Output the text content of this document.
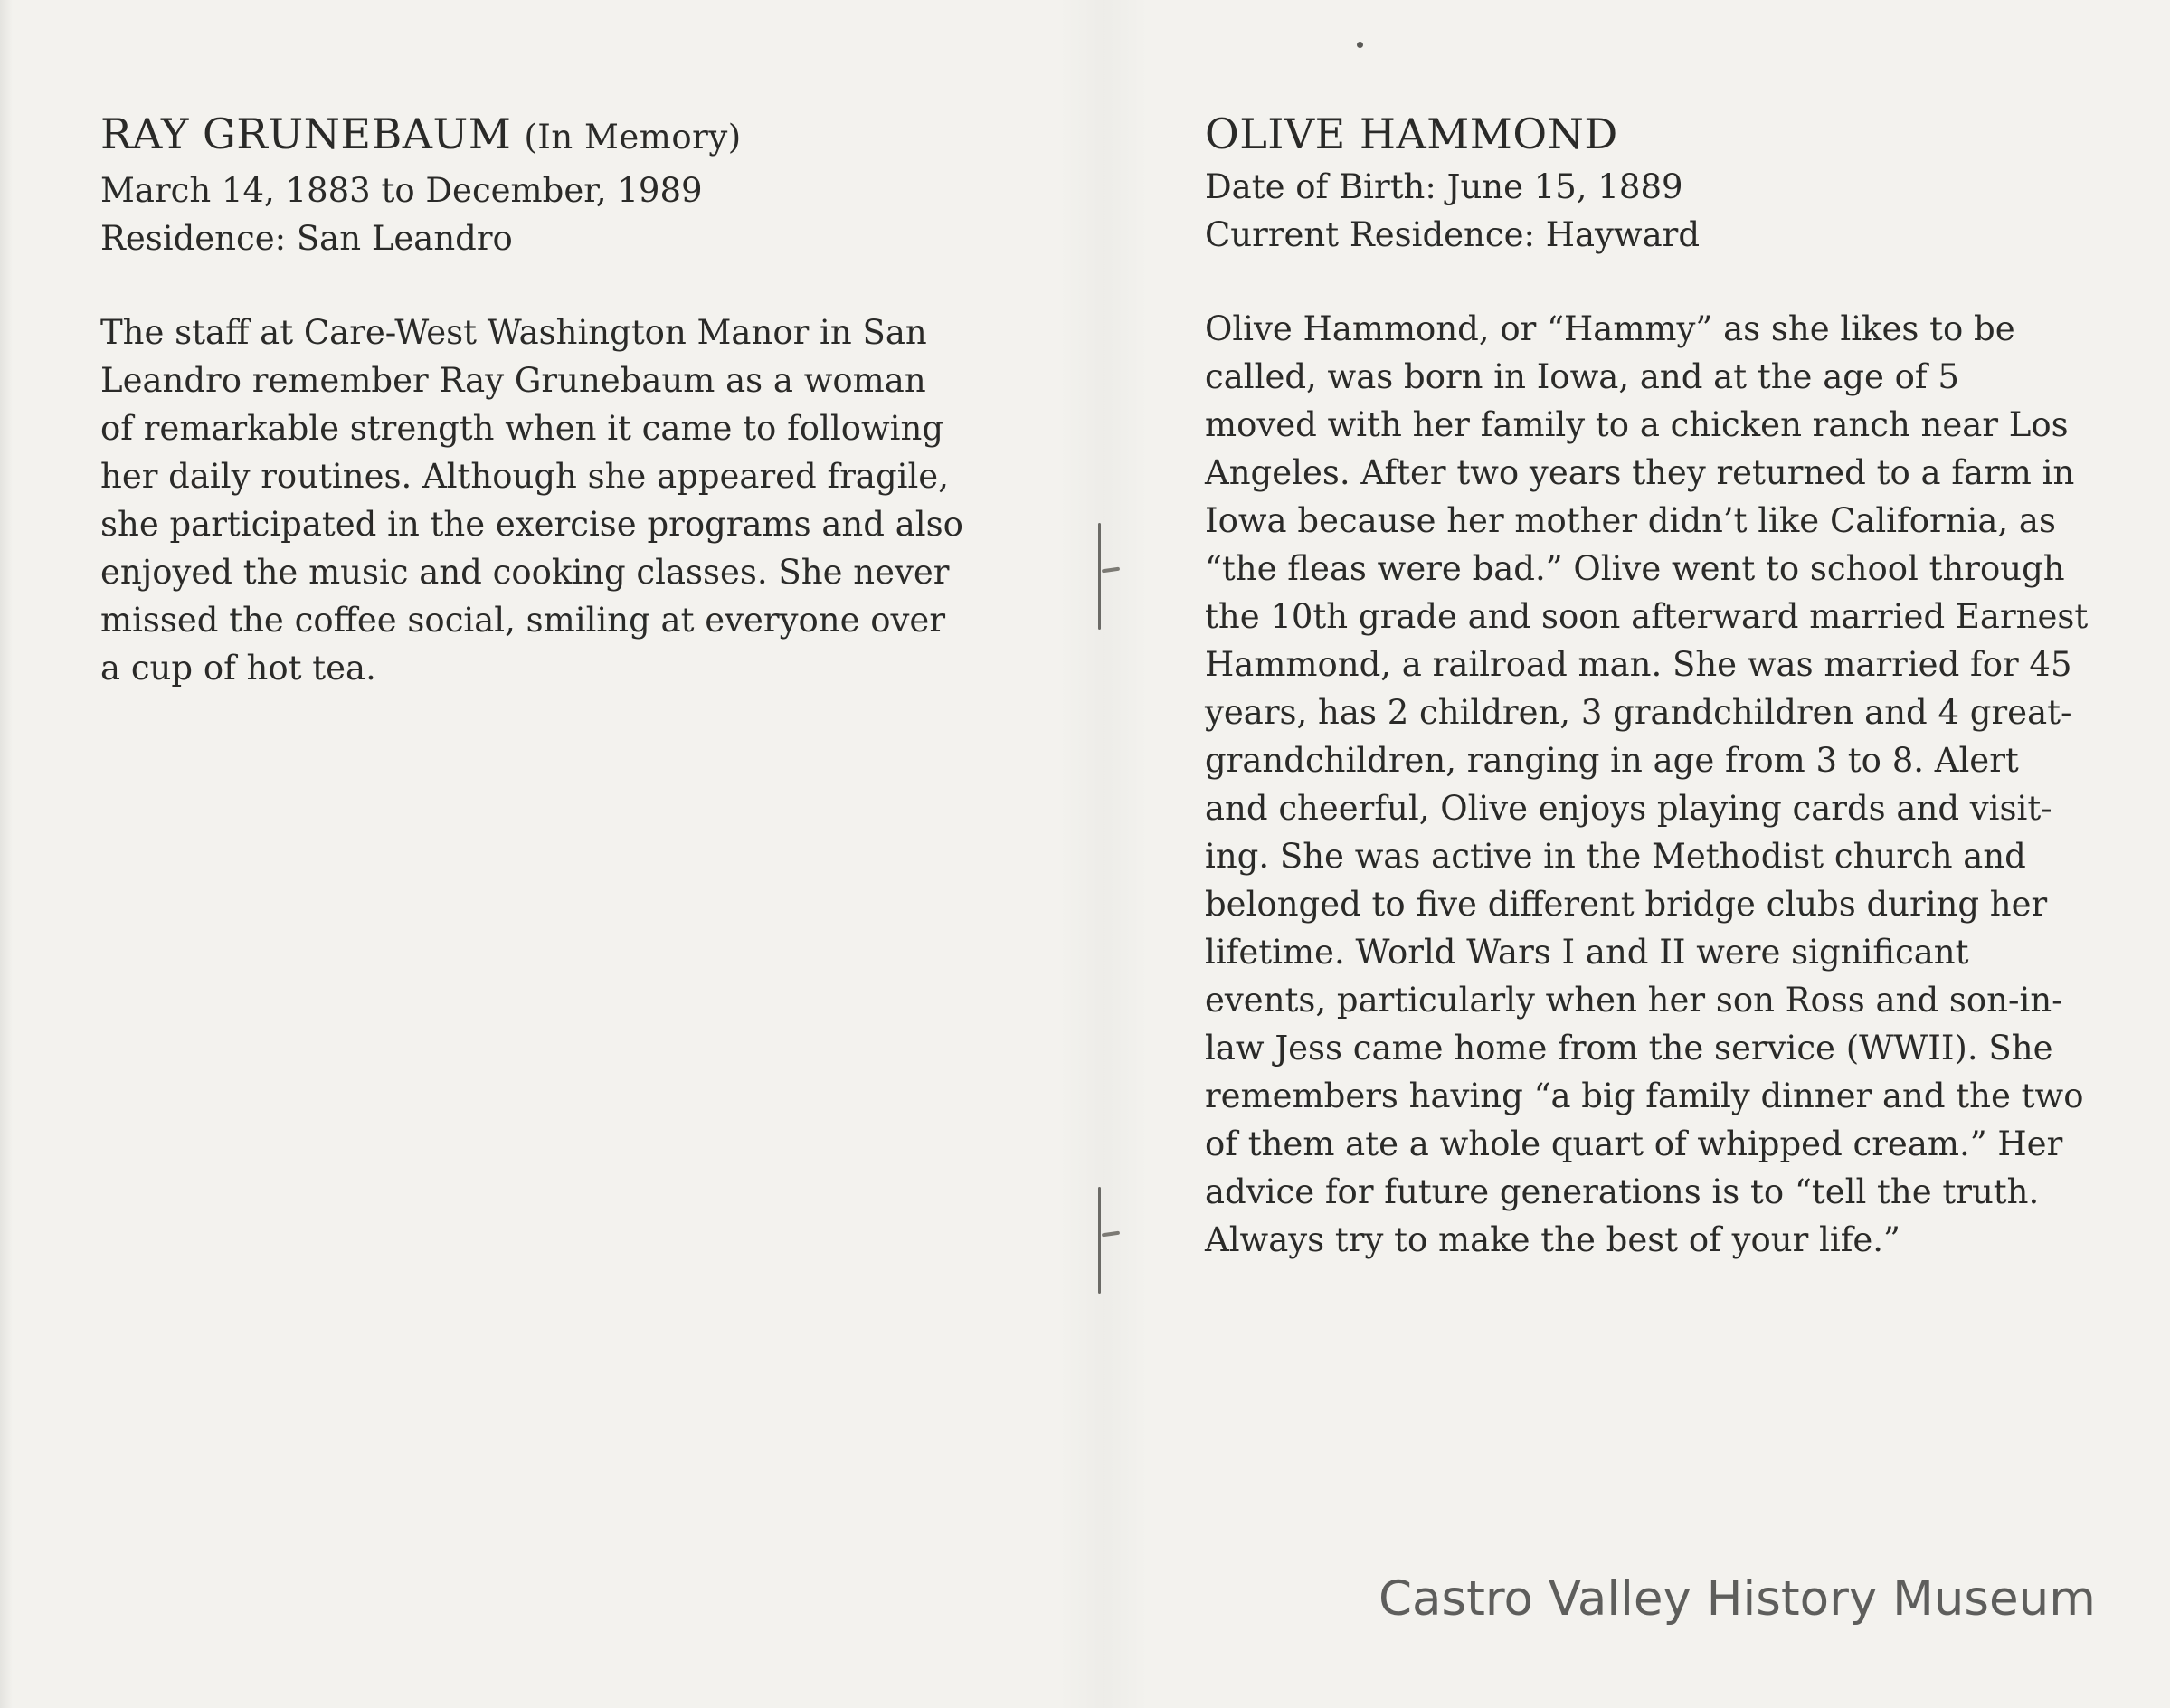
RAY GRUNEBAUM (In Memory)
March 14, 1883 to December, 1989
Residence: San Leandro
The staff at Care-West Washington Manor in San
Leandro remember Ray Grunebaum as a woman
of remarkable strength when it came to following
her daily routines. Although she appeared fragile,
she participated in the exercise programs and also
enjoyed the music and cooking classes. She never
missed the coffee social, smiling at everyone over
a cup of hot tea.
OLIVE HAMMOND
Date of Birth: June 15, 1889
Current Residence: Hayward
Olive Hammond, or “Hammy” as she likes to be
called, was born in Iowa, and at the age of 5
moved with her family to a chicken ranch near Los
Angeles. After two years they returned to a farm in
Iowa because her mother didn’t like California, as
“the fleas were bad.” Olive went to school through
the 10th grade and soon afterward married Earnest
Hammond, a railroad man. She was married for 45
years, has 2 children, 3 grandchildren and 4 great-
grandchildren, ranging in age from 3 to 8. Alert
and cheerful, Olive enjoys playing cards and visit-
ing. She was active in the Methodist church and
belonged to five different bridge clubs during her
lifetime. World Wars I and II were significant
events, particularly when her son Ross and son-in-
law Jess came home from the service (WWII). She
remembers having “a big family dinner and the two
of them ate a whole quart of whipped cream.” Her
advice for future generations is to “tell the truth.
Always try to make the best of your life.”
Castro Valley History Museum
